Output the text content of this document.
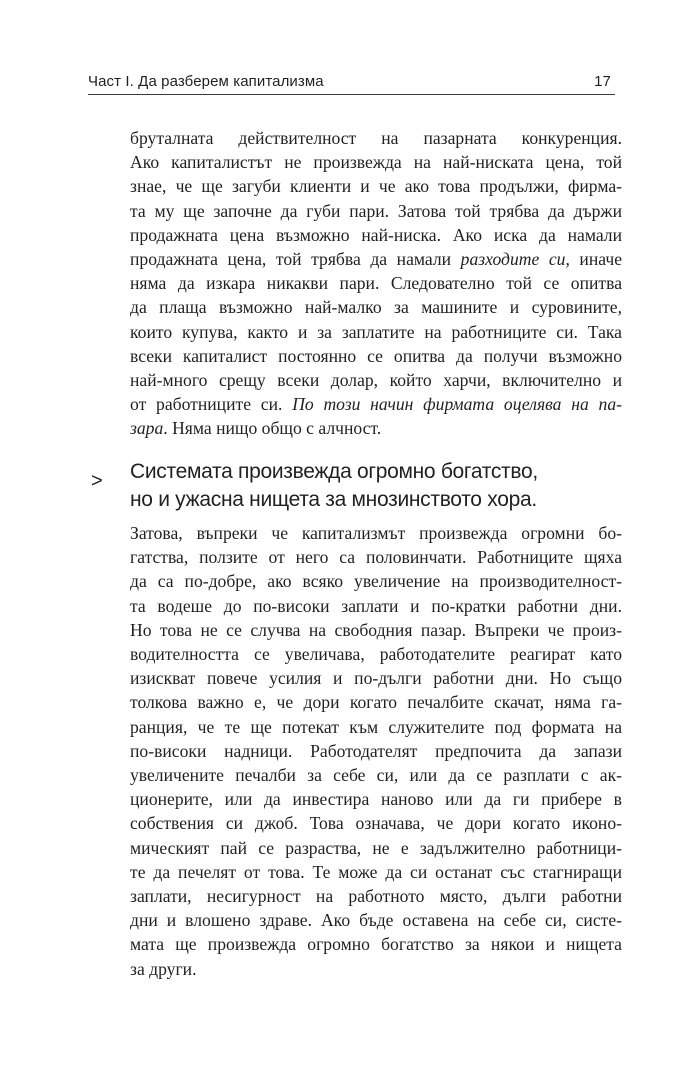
Част I. Да разберем капитализма	17
бруталната действителност на пазарната конкуренция.
Ако капиталистът не произвежда на най-ниската цена, той
знае, че ще загуби клиенти и че ако това продължи, фирма-
та му ще започне да губи пари. Затова той трябва да държи
продажната цена възможно най-ниска. Ако иска да намали
продажната цена, той трябва да намали разходите си, иначе
няма да изкара никакви пари. Следователно той се опитва
да плаща възможно най-малко за машините и суровините,
които купува, както и за заплатите на работниците си. Така
всеки капиталист постоянно се опитва да получи възможно
най-много срещу всеки долар, който харчи, включително и
от работниците си. По този начин фирмата оцелява на па-
зара. Няма нищо общо с алчност.
> Системата произвежда огромно богатство,
но и ужасна нищета за мнозинството хора.
Затова, въпреки че капитализмът произвежда огромни бо-
гатства, ползите от него са половинчати. Работниците щяха
да са по-добре, ако всяко увеличение на производителност-
та водеше до по-високи заплати и по-кратки работни дни.
Но това не се случва на свободния пазар. Въпреки че произ-
водителността се увеличава, работодателите реагират като
изискват повече усилия и по-дълги работни дни. Но също
толкова важно е, че дори когато печалбите скачат, няма га-
ранция, че те ще потекат към служителите под формата на
по-високи надници. Работодателят предпочита да запази
увеличените печалби за себе си, или да се разплати с ак-
ционерите, или да инвестира наново или да ги прибере в
собствения си джоб. Това означава, че дори когато иконо-
мическият пай се разраства, не е задължително работници-
те да печелят от това. Те може да си останат със стагниращи
заплати, несигурност на работното място, дълги работни
дни и влошено здраве. Ако бъде оставена на себе си, систе-
мата ще произвежда огромно богатство за някои и нищета
за други.
